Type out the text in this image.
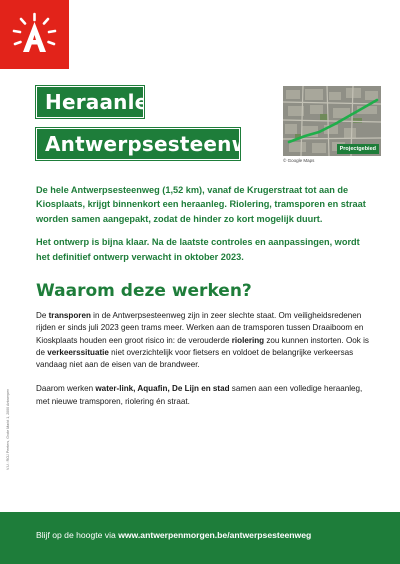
Heraanleg
Antwerpsesteenweg	Projectgebied
© Google Maps

De hele Antwerpsesteenweg (1,52 km), vanaf de Krugerstraat tot aan de Kiosplaats, krijgt binnenkort een heraanleg. Riolering, tramsporen en straat worden samen aangepakt, zodat de hinder zo kort mogelijk duurt.

Het ontwerp is bijna klaar. Na de laatste controles en aanpassingen, wordt het definitief ontwerp verwacht in oktober 2023.

Waarom deze werken?

De transporen in de Antwerpsesteenweg zijn in zeer slechte staat. Om veiligheidsredenen rijden er sinds juli 2023 geen trams meer. Werken aan de tramsporen tussen Draaiboom en Kioskplaats houden een groot risico in: de verouderde riolering zou kunnen instorten. Ook is de verkeerssituatie niet overzichtelijk voor fietsers en voldoet de belangrijke verkeersas vandaag niet aan de eisen van de brandweer.

Daarom werken water-link, Aquafin, De Lijn en stad samen aan een volledige heraanleg, met nieuwe tramsporen, riolering én straat.

V.U.: ROJ Peeters, Grote Markt 1, 2000 Antwerpen
Blijf op de hoogte via www.antwerpenmorgen.be/antwerpsesteenweg
